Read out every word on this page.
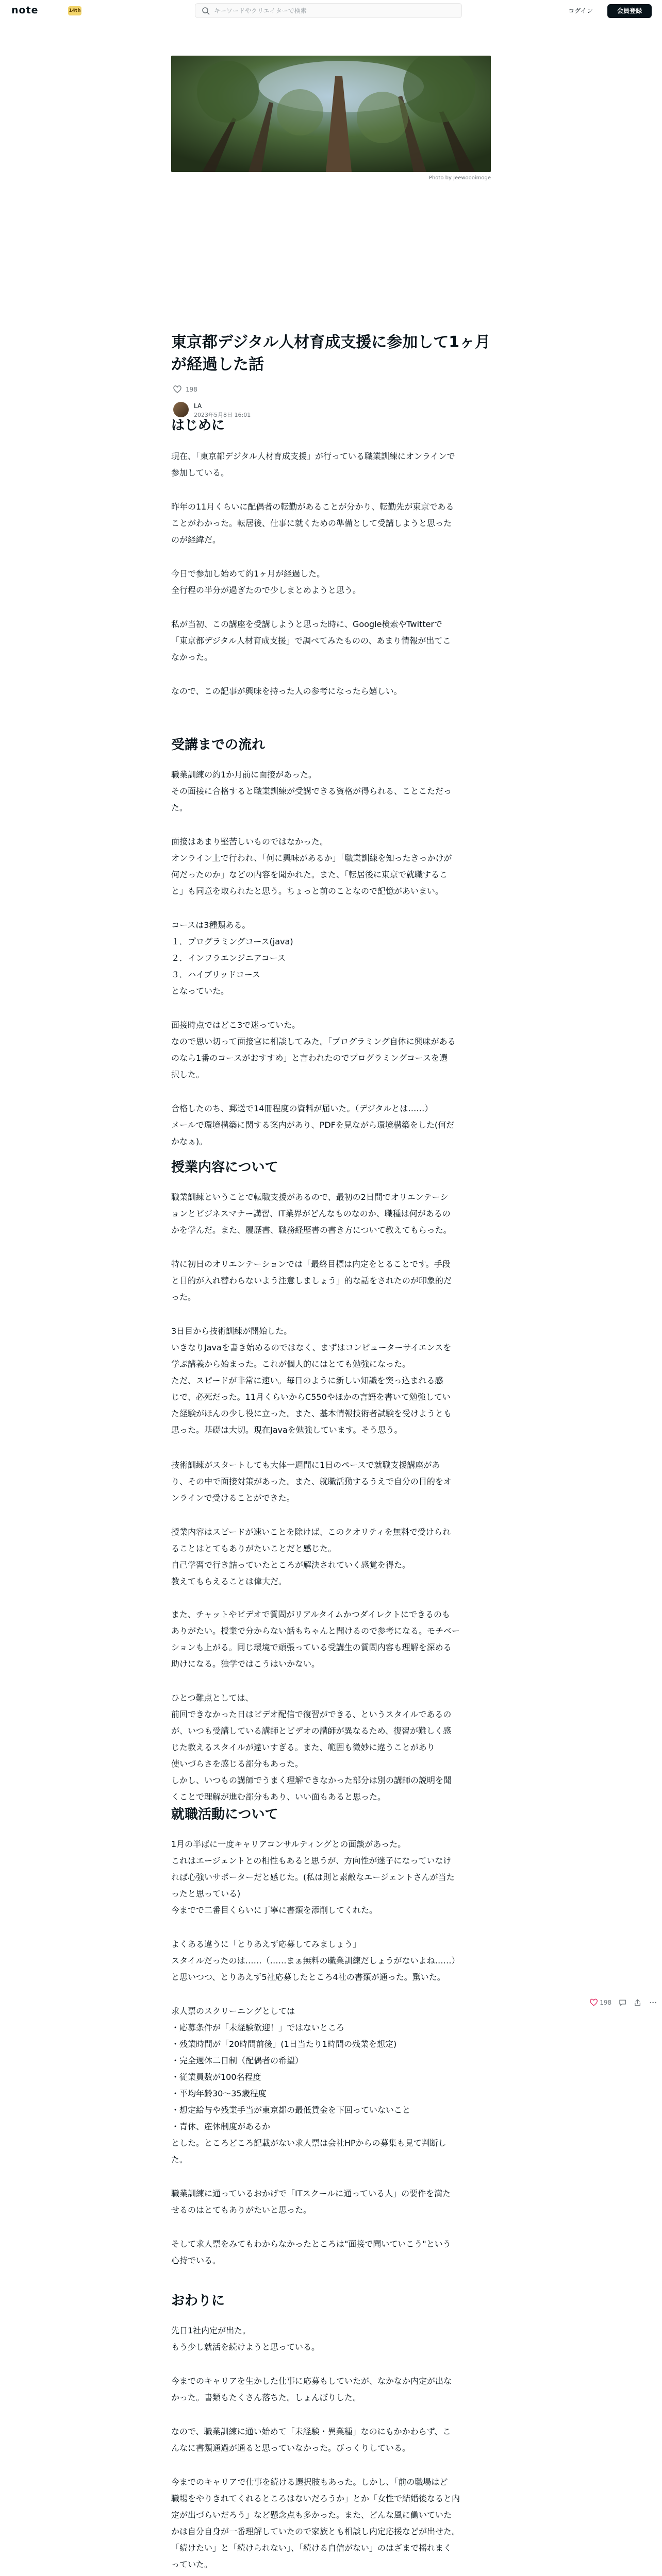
note	14th
キーワードやクリエイターで検索	ログイン	会員登録
Photo by Jeewoooimoge
東京都デジタル人材育成支援に参加して1ヶ月が経過した話
198
LA
2023年5月8日 16:01
はじめに

現在、「東京都デジタル人材育成支援」が行っている職業訓練にオンラインで
参加している。

昨年の11月くらいに配偶者の転勤があることが分かり、転勤先が東京である
ことがわかった。転居後、仕事に就くための準備として受講しようと思った
のが経緯だ。

今日で参加し始めて約1ヶ月が経過した。
全行程の半分が過ぎたので少しまとめようと思う。

私が当初、この講座を受講しようと思った時に、Google検索やTwitterで
「東京都デジタル人材育成支援」で調べてみたものの、あまり情報が出てこ
なかった。

なので、この記事が興味を持った人の参考になったら嬉しい。

受講までの流れ

職業訓練の約1か月前に面接があった。
その面接に合格すると職業訓練が受講できる資格が得られる、ことこただっ
た。

面接はあまり堅苦しいものではなかった。
オンライン上で行われ、「何に興味があるか」「職業訓練を知ったきっかけが
何だったのか」などの内容を聞かれた。また、「転居後に東京で就職するこ
と」も同意を取られたと思う。ちょっと前のことなので記憶があいまい。

コースは3種類ある。
１．プログラミングコース(java)
２．インフラエンジニアコース
３．ハイブリッドコース
となっていた。

面接時点ではどこ3で迷っていた。
なので思い切って面接官に相談してみた。「プログラミング自体に興味がある
のなら1番のコースがおすすめ」と言われたのでプログラミングコースを選
択した。

合格したのち、郵送で14冊程度の資料が届いた。（デジタルとは……）
メールで環境構築に関する案内があり、PDFを見ながら環境構築をした(何だ
かなぁ)。

授業内容について

職業訓練ということで転職支援があるので、最初の2日間でオリエンテーシ
ョンとビジネスマナー講習、IT業界がどんなものなのか、職種は何があるの
かを学んだ。また、履歴書、職務経歴書の書き方について教えてもらった。

特に初日のオリエンテーションでは「最終目標は内定をとることです。手段
と目的が入れ替わらないよう注意しましょう」的な話をされたのが印象的だ
った。

3日目から技術訓練が開始した。
いきなりJavaを書き始めるのではなく、まずはコンピューターサイエンスを
学ぶ講義から始まった。これが個人的にはとても勉強になった。
ただ、スピードが非常に速い。毎日のように新しい知識を突っ込まれる感
じで、必死だった。11月くらいからC550やほかの言語を書いて勉強してい
た経験がほんの少し役に立った。また、基本情報技術者試験を受けようとも
思った。基礎は大切。現在Javaを勉強しています。そう思う。

技術訓練がスタートしても大体一週間に1日のペースで就職支援講座があ
り、その中で面接対策があった。また、就職活動するうえで自分の目的をオ
ンラインで受けることができた。

授業内容はスピードが速いことを除けば、このクオリティを無料で受けられ
ることはとてもありがたいことだと感じた。
自己学習で行き詰っていたところが解決されていく感覚を得た。
教えてもらえることは偉大だ。

また、チャットやビデオで質問がリアルタイムかつダイレクトにできるのも
ありがたい。授業で分からない話もちゃんと聞けるので参考になる。モチベー
ションも上がる。同じ環境で頑張っている受講生の質問内容も理解を深める
助けになる。独学ではこうはいかない。

ひとつ難点としては、
前回できなかった日はビデオ配信で復習ができる、というスタイルであるの
が、いつも受講している講師とビデオの講師が異なるため、復習が難しく感
じた教えるスタイルが違いすぎる。また、範囲も微妙に違うことがあり
使いづらさを感じる部分もあった。
しかし、いつもの講師でうまく理解できなかった部分は別の講師の説明を聞
くことで理解が進む部分もあり、いい面もあると思った。

就職活動について

1月の半ばに一度キャリアコンサルティングとの面談があった。
これはエージェントとの相性もあると思うが、方向性が迷子になっていなけ
れば心強いサポーターだと感じた。(私は則と素敵なエージェントさんが当た
ったと思っている)
今までで二番目くらいに丁寧に書類を添削してくれた。

よくある違うに「とりあえず応募してみましょう」
スタイルだったのは……（……まぁ無料の職業訓練だしょうがないよね……）
と思いつつ、とりあえず5社応募したところ4社の書類が通った。驚いた。

求人票のスクリーニングとしては
・応募条件が「未経験歓迎！」ではないところ
・残業時間が「20時間前後」(1日当たり1時間の残業を想定)
・完全週休二日制（配偶者の希望）
・従業員数が100名程度
・平均年齢30〜35歳程度
・想定給与や残業手当が東京都の最低賃金を下回っていないこと
・青休、産休制度があるか
とした。ところどころ記載がない求人票は会社HPからの募集も見て判断し
た。

職業訓練に通っているおかげで「ITスクールに通っている人」の要件を満た
せるのはとてもありがたいと思った。

そして求人票をみてもわからなかったところは"面接で聞いていこう"という
心持でいる。

おわりに

先日1社内定が出た。
もう少し就活を続けようと思っている。

今までのキャリアを生かした仕事に応募もしていたが、なかなか内定が出な
かった。書類もたくさん落ちた。しょんぼりした。

なので、職業訓練に通い始めて「未経験・異業種」なのにもかかわらず、こ
んなに書類通過が通ると思っていなかった。びっくりしている。

今までのキャリアで仕事を続ける選択肢もあった。しかし、「前の職場はど
職場をやりきれてくれるところはないだろうか」とか「女性で結婚後なると内
定が出づらいだろう」など懸念点も多かった。また、どんな風に働いていた
かは自分自身が一番理解していたので家族とも相談し内定応援などが出せた。
「続けたい」と「続けられない」、「続ける自信がない」のはざまで揺れまく
っていた。

198
